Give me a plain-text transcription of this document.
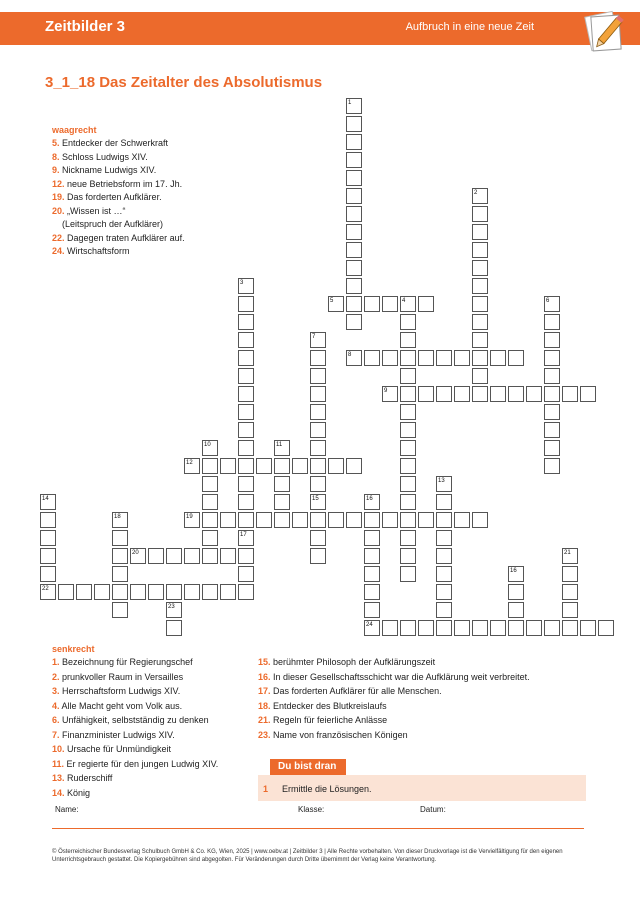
Zeitbilder 3	Aufbruch in eine neue Zeit
3_1_18 Das Zeitalter des Absolutismus
waagrecht
5. Entdecker der Schwerkraft
8. Schloss Ludwigs XIV.
9. Nickname Ludwigs XIV.
12. neue Betriebsform im 17. Jh.
19. Das forderten Aufklärer.
20. „Wissen ist …“
(Leitspruch der Aufklärer)
22. Dagegen traten Aufklärer auf.
24. Wirtschaftsform
senkrecht
1. Bezeichnung für Regierungschef
2. prunkvoller Raum in Versailles
3. Herrschaftsform Ludwigs XIV.
4. Alle Macht geht vom Volk aus.
6. Unfähigkeit, selbstständig zu denken
7. Finanzminister Ludwigs XIV.
10. Ursache für Unmündigkeit
11. Er regierte für den jungen Ludwig XIV.
13. Ruderschiff
14. König
15. berühmter Philosoph der Aufklärungszeit
16. In dieser Gesellschaftsschicht war die Aufklärung weit verbreitet.
17. Das forderten Aufklärer für alle Menschen.
18. Entdecker des Blutkreislaufs
21. Regeln für feierliche Anlässe
23. Name von französischen Königen
5	4
8
9
12
19
20
22
24
1
2
3
6
7
15
10	11
13
14	16
17
18
21
23
16
Du bist dran
1 Ermittle die Lösungen.
Name:	Klasse:	Datum:
© Österreichischer Bundesverlag Schulbuch GmbH & Co. KG, Wien, 2025 | www.oebv.at | Zeitbilder 3 | Alle Rechte vorbehalten. Von dieser Druckvorlage ist die Vervielfältigung für den eigenen
Unterrichtsgebrauch gestattet. Die Kopiergebühren sind abgegolten. Für Veränderungen durch Dritte übernimmt der Verlag keine Verantwortung.
